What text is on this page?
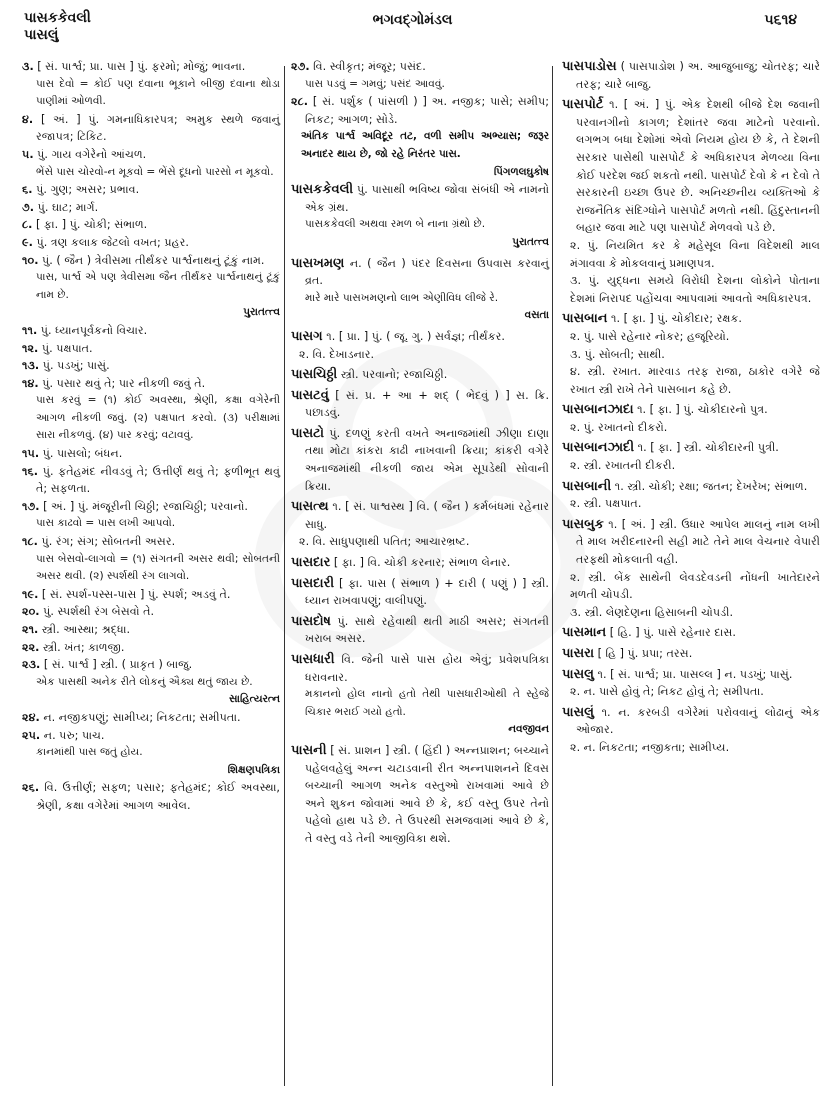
પાસકકેવલી
પાસલું
ભગવદ્ગોમંડલ	૫૬૧૪

૩. [ સં. પાર્શ્વ; પ્રા. પાસ ] પું. ફરમો; મોજું; ભાવના.

પાસ દેવો = કોઈ પણ દવાના ભૂકાને બીજી દવાના થોડા પાણીમાં ઓળવી.

૪. [ અં. ] પું. ગમનાધિકારપત્ર; અમુક સ્થળે જવાનું રજાપત્ર; ટિકિટ.

૫. પું. ગાય વગેરેનો આંચળ.

ભેંસે પાસ ચોરવો-ન મૂકવો = ભેંસે દૂધનો પારસો ન મૂકવો.

૬. પું. ગુણ; અસર; પ્રભાવ.

૭. પું. ઘાટ; માર્ગ.

૮. [ ફા. ] પું. ચોકી; સંભાળ.

૯. પું. ત્રણ કલાક જેટલો વખત; પ્રહર.

૧૦. પું. ( જૈન ) ત્રેવીસમા તીર્થંકર પાર્શ્વનાથનું ટૂંકું નામ.

પાસ, પાર્શ્વ એ પણ ત્રેવીસમા જૈન તીર્થંકર પાર્શ્વનાથનું ટૂંકું નામ છે.

પુરાતત્ત્વ

૧૧. પું. ધ્યાનપૂર્વકનો વિચાર.

૧૨. પું. પક્ષપાત.

૧૩. પું. પડખું; પાસું.

૧૪. પું. પસાર થવું તે; પાર નીકળી જવું તે.

પાસ કરવું = (૧) કોઈ અવસ્થા, શ્રેણી, કક્ષા વગેરેની આગળ નીકળી જવું. (૨) પક્ષપાત કરવો. (૩) પરીક્ષામાં સારા નીકળવું. (૪) પાર કરવું; વટાવવું.

૧૫. પું. પાસલો; બંધન.

૧૬. પું. ફતેહમંદ નીવડવું તે; ઉત્તીર્ણ થવું તે; ફળીભૂત થવું તે; સફળતા.

૧૭. [ અં. ] પું. મંજૂરીની ચિઠ્ઠી; રજાચિઠ્ઠી; પરવાનો.

પાસ કાઢવો = પાસ લખી આપવો.

૧૮. પું. રંગ; સંગ; સોબતની અસર.

પાસ બેસવો-લાગવો = (૧) સંગતની અસર થવી; સોબતની અસર થવી. (૨) સ્પર્શથી રંગ લાગવો.

૧૯. [ સં. સ્પર્શ-પસ્સ-પાસ ] પું. સ્પર્શ; અડવું તે.

૨૦. પું. સ્પર્શથી રંગ બેસવો તે.

૨૧. સ્ત્રી. આસ્થા; શ્રદ્ધા.

૨૨. સ્ત્રી. ખંત; કાળજી.

૨૩. [ સં. પાર્શ્વ ] સ્ત્રી. ( પ્રાકૃત ) બાજુ.

એક પાસથી અનેક રીતે લોકનું ઐક્ય થતું જાય છે.

સાહિત્યરત્ન

૨૪. ન. નજીકપણું; સામીપ્ય; નિકટતા; સમીપતા.

૨૫. ન. પરુ; પાચ.

કાનમાંથી પાસ જતું હોય.

શિક્ષણપત્રિકા

૨૬. વિ. ઉત્તીર્ણ; સફળ; પસાર; ફતેહમંદ; કોઈ અવસ્થા, શ્રેણી, કક્ષા વગેરેમાં આગળ આવેલ.

૨૭. વિ. સ્વીકૃત; મંજૂર; પસંદ.

પાસ પડવું = ગમવું; પસંદ આવવું.

૨૮. [ સં. પર્શુક ( પાંસળી ) ] અ. નજીક; પાસે; સમીપ; નિકટ; આગળ; સોડે.

અંતિક પાર્શ્વ અવિદૂર તટ, વળી સમીપ અભ્યાસ; જરૂર અનાદર થાય છે, જો રહે નિરંતર પાસ.

પિંગળલઘુકોષ

પાસકકેવલી પું. પાસાથી ભવિષ્ય જોવા સંબંધી એ નામનો એક ગ્રંથ.

પાસકકેવલી અથવા રમળ બે નાના ગ્રંથો છે.

પુરાતત્ત્વ

પાસખમણ ન. ( જૈન ) પંદર દિવસના ઉપવાસ કરવાનું વ્રત.

મારે મારે પાસખમણનો લાભ એણીવિધ લીજે રે.

વસતા

પાસગ ૧. [ પ્રા. ] પું. ( જૂ. ગુ. ) સર્વજ્ઞ; તીર્થંકર.

૨. વિ. દેખાડનાર.

પાસચિઠ્ઠી સ્ત્રી. પરવાનો; રજાચિઠ્ઠી.

પાસટવું [ સં. પ્ર. + આ + શદ્ ( ભેદવું ) ] સ. ક્રિ. પછાડવું.

પાસટો પું. દળણું કરતી વખતે અનાજમાંથી ઝીણા દાણા તથા મોટા કાંકરા કાઢી નાખવાની ક્રિયા; કાંકરી વગેરે અનાજમાંથી નીકળી જાય એમ સૂપડેથી સોવાની ક્રિયા.

પાસત્થ ૧. [ સં. પાશ્વસ્થ ] વિ. ( જૈન ) કર્મબંધમાં રહેનાર સાધુ.

૨. વિ. સાધુપણાથી પતિત; આચારભ્રષ્ટ.

પાસદાર [ ફા. ] વિ. ચોકી કરનાર; સંભાળ લેનાર.

પાસદારી [ ફા. પાસ ( સંભાળ ) + દારી ( પણું ) ] સ્ત્રી. ધ્યાન રાખવાપણું; વાલીપણું.

પાસદોષ પું. સાથે રહેવાથી થતી માઠી અસર; સંગતની ખરાબ અસર.

પાસધારી વિ. જેની પાસે પાસ હોય એવું; પ્રવેશપત્રિકા ધરાવનાર.

મકાનનો હોલ નાનો હતો તેથી પાસધારીઓથી તે સ્હેજે ચિકાર ભરાઈ ગયો હતો.

નવજીવન

પાસની [ સં. પ્રાશન ] સ્ત્રી. ( હિંદી ) અન્નપ્રાશન; બચ્ચાને પહેલવહેલું અન્ન ચટાડવાની રીત અન્નપાશનને દિવસ બચ્ચાની આગળ અનેક વસ્તુઓ રાખવામાં આવે છે અને શુકન જોવામાં આવે છે કે, કઈ વસ્તુ ઉપર તેનો પહેલો હાથ પડે છે. તે ઉપરથી સમજવામાં આવે છે કે, તે વસ્તુ વડે તેની આજીવિકા થશે.

પાસપાડોસ ( પાસપાડોશ ) અ. આજુબાજુ; ચોતરફ; ચારે તરફ; ચારે બાજુ.

પાસપોર્ટ ૧. [ અં. ] પું. એક દેશથી બીજે દેશ જવાની પરવાનગીનો કાગળ; દેશાંતર જવા માટેનો પરવાનો. લગભગ બધા દેશોમાં એવો નિયમ હોય છે કે, તે દેશની સરકાર પાસેથી પાસપોર્ટ કે અધિકારપત્ર મેળવ્યા વિના કોઈ પરદેશ જઈ શકતો નથી. પાસપોર્ટ દેવો કે ન દેવો તે સરકારની ઇચ્છા ઉપર છે. અનિચ્છનીય વ્યક્તિઓ કે રાજનૈતિક સંદિગ્ધોને પાસપોર્ટ મળતો નથી. હિંદુસ્તાનની બહાર જવા માટે પણ પાસપોર્ટ મેળવવો પડે છે.

૨. પું. નિયમિત કર કે મહેસૂલ વિના વિદેશથી માલ મંગાવવા કે મોકલવાનું પ્રમાણપત્ર.

૩. પું. યુદ્ધના સમયે વિરોધી દેશના લોકોને પોતાના દેશમાં નિરાપદ પહોંચવા આપવામાં આવતો અધિકારપત્ર.

પાસબાન ૧. [ ફા. ] પું. ચોકીદાર; રક્ષક.

૨. પું. પાસે રહેનાર નોકર; હજૂરિયો.

૩. પું. સોબતી; સાથી.

૪. સ્ત્રી. રખાત. મારવાડ તરફ રાજા, ઠાકોર વગેરે જે રખાત સ્ત્રી રાખે તેને પાસબાન કહે છે.

પાસબાનઝાદા ૧. [ ફા. ] પું. ચોકીદારનો પુત્ર.

૨. પું. રખાતનો દીકરો.

પાસબાનઝાદી ૧. [ ફા. ] સ્ત્રી. ચોકીદારની પુત્રી.

૨. સ્ત્રી. રખાતની દીકરી.

પાસબાની ૧. સ્ત્રી. ચોકી; રક્ષા; જતન; દેખરેખ; સંભાળ.

૨. સ્ત્રી. પક્ષપાત.

પાસબુક ૧. [ અં. ] સ્ત્રી. ઉધાર આપેલ માલનું નામ લખી તે માલ ખરીદનારની સહી માટે તેને માલ વેચનાર વેપારી તરફથી મોકલાતી વહી.

૨. સ્ત્રી. બેંક સાથેની લેવડદેવડની નોંધની ખાતેદારને મળતી ચોપડી.

૩. સ્ત્રી. લેણદેણના હિસાબની ચોપડી.

પાસમાન [ હિ. ] પું. પાસે રહેનાર દાસ.

પાસરા [ હિ ] પું. પ્રપા; તરસ.

પાસલુ ૧. [ સં. પાર્શ્વ; પ્રા. પાસલ્લ ] ન. પડખું; પાસું.

૨. ન. પાસે હોવું તે; નિકટ હોવું તે; સમીપતા.

પાસલું ૧. ન. કરબડી વગેરેમાં પરોવવાનું લોઢાનું એક ઓજાર.

૨. ન. નિકટતા; નજીકતા; સામીપ્ય.
